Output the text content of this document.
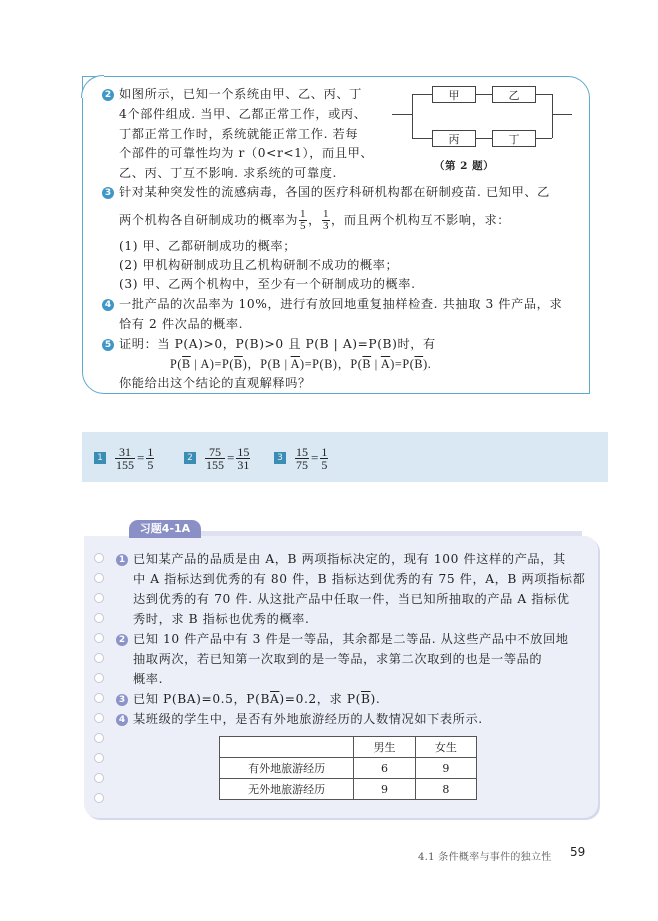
2 如图所示，已知一个系统由甲、乙、丙、丁
4个部件组成. 当甲、乙都正常工作，或丙、
丁都正常工作时，系统就能正常工作. 若每
个部件的可靠性均为 r（0<r<1），而且甲、
乙、丙、丁互不影响. 求系统的可靠度.
甲	乙
丙	丁
（第 2 题）
3 针对某种突发性的流感病毒，各国的医疗科研机构都在研制疫苗. 已知甲、乙
两个机构各自研制成功的概率为 $\frac{1}{5}$ ， $\frac{1}{3}$ ，而且两个机构互不影响，求：
(1) 甲、乙都研制成功的概率；
(2) 甲机构研制成功且乙机构研制不成功的概率；
(3) 甲、乙两个机构中，至少有一个研制成功的概率.
4 一批产品的次品率为 10%，进行有放回地重复抽样检查. 共抽取 3 件产品，求
恰有 2 件次品的概率.
5 证明：当 P(A)>0，P(B)>0 且 P(B | A)=P(B)时，有
$P(\overline{B}$ | $A)=P(\overline{B})$，P(B | $\overline{A})=P(B)$，$P(\overline{B}$ | $\overline{A})=P(\overline{B})$.
你能给出这个结论的直观解释吗？
$1 \frac{31}{155} = \frac{1}{5}$	$2 \frac{75}{155} = \frac{15}{31}$	$3 \frac{15}{75} = \frac{1}{5}$
习题4-1A
1 已知某产品的品质是由 A，B 两项指标决定的，现有 100 件这样的产品，其
中 A 指标达到优秀的有 80 件，B 指标达到优秀的有 75 件，A，B 两项指标都
达到优秀的有 70 件. 从这批产品中任取一件，当已知所抽取的产品 A 指标优
秀时，求 B 指标也优秀的概率.
2 已知 10 件产品中有 3 件是一等品，其余都是二等品. 从这些产品中不放回地
抽取两次，若已知第一次取到的是一等品，求第二次取到的也是一等品的
概率.
3 已知 P(BA)=0.5，$P(B\overline{A})=0.2$，求 $P(\overline{B})$.
4 某班级的学生中，是否有外地旅游经历的人数情况如下表所示.
	男生	女生
有外地旅游经历	6	9
无外地旅游经历	9	8
4.1 条件概率与事件的独立性 59
